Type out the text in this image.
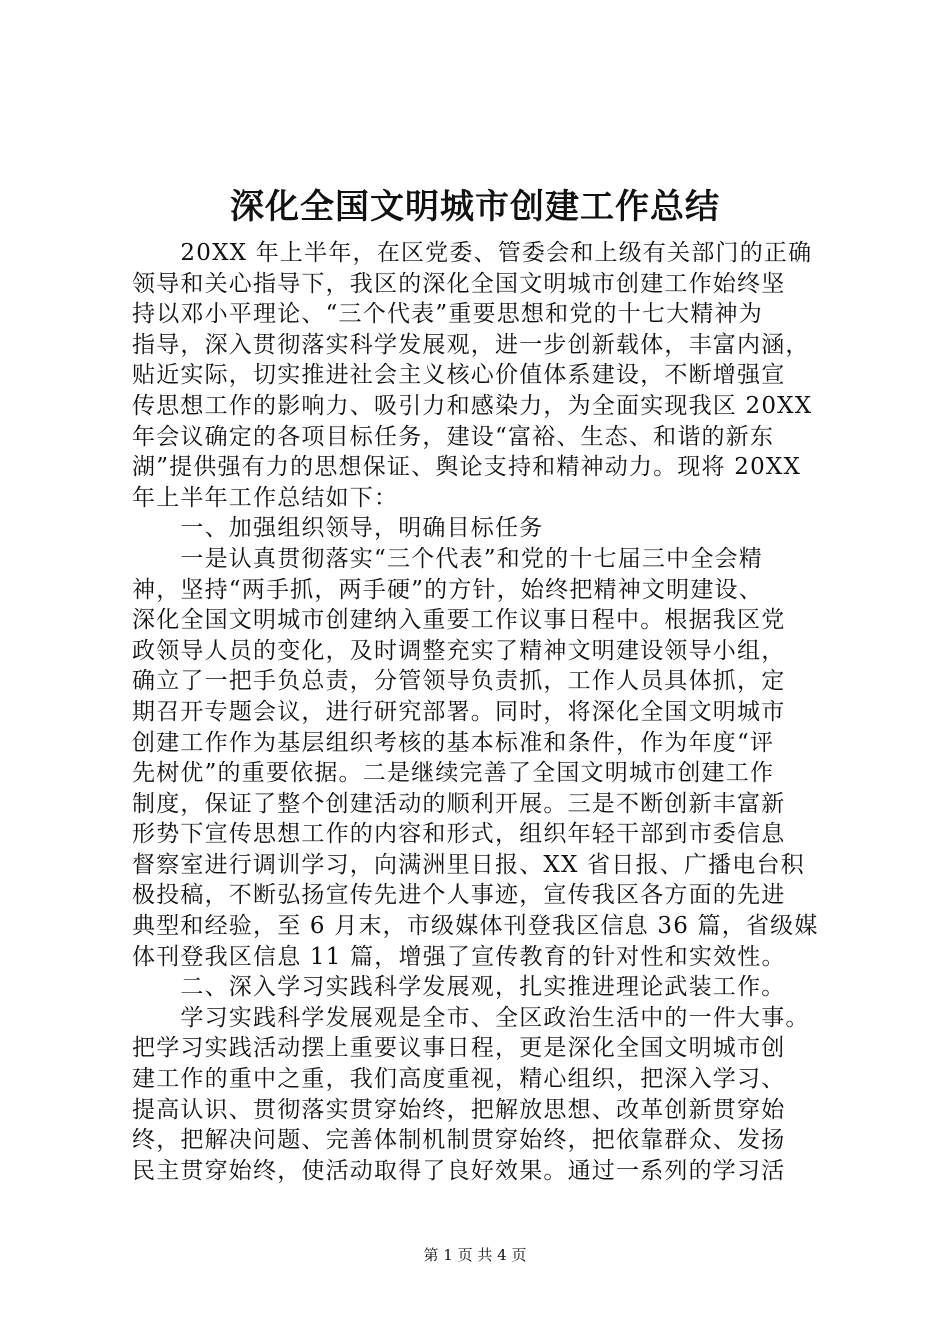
深化全国文明城市创建工作总结
　　20XX 年上半年，在区党委、管委会和上级有关部门的正确
领导和关心指导下，我区的深化全国文明城市创建工作始终坚
持以邓小平理论、“三个代表”重要思想和党的十七大精神为
指导，深入贯彻落实科学发展观，进一步创新载体，丰富内涵，
贴近实际，切实推进社会主义核心价值体系建设，不断增强宣
传思想工作的影响力、吸引力和感染力，为全面实现我区 20XX
年会议确定的各项目标任务，建设“富裕、生态、和谐的新东
湖”提供强有力的思想保证、舆论支持和精神动力。现将 20XX
年上半年工作总结如下：
　　一、加强组织领导，明确目标任务
　　一是认真贯彻落实“三个代表”和党的十七届三中全会精
神，坚持“两手抓，两手硬”的方针，始终把精神文明建设、
深化全国文明城市创建纳入重要工作议事日程中。根据我区党
政领导人员的变化，及时调整充实了精神文明建设领导小组，
确立了一把手负总责，分管领导负责抓，工作人员具体抓，定
期召开专题会议，进行研究部署。同时，将深化全国文明城市
创建工作作为基层组织考核的基本标准和条件，作为年度“评
先树优”的重要依据。二是继续完善了全国文明城市创建工作
制度，保证了整个创建活动的顺利开展。三是不断创新丰富新
形势下宣传思想工作的内容和形式，组织年轻干部到市委信息
督察室进行调训学习，向满洲里日报、XX 省日报、广播电台积
极投稿，不断弘扬宣传先进个人事迹，宣传我区各方面的先进
典型和经验，至 6 月末，市级媒体刊登我区信息 36 篇，省级媒
体刊登我区信息 11 篇，增强了宣传教育的针对性和实效性。
　　二、深入学习实践科学发展观，扎实推进理论武装工作。
　　学习实践科学发展观是全市、全区政治生活中的一件大事。
把学习实践活动摆上重要议事日程，更是深化全国文明城市创
建工作的重中之重，我们高度重视，精心组织，把深入学习、
提高认识、贯彻落实贯穿始终，把解放思想、改革创新贯穿始
终，把解决问题、完善体制机制贯穿始终，把依靠群众、发扬
民主贯穿始终，使活动取得了良好效果。通过一系列的学习活
第 1 页 共 4 页
